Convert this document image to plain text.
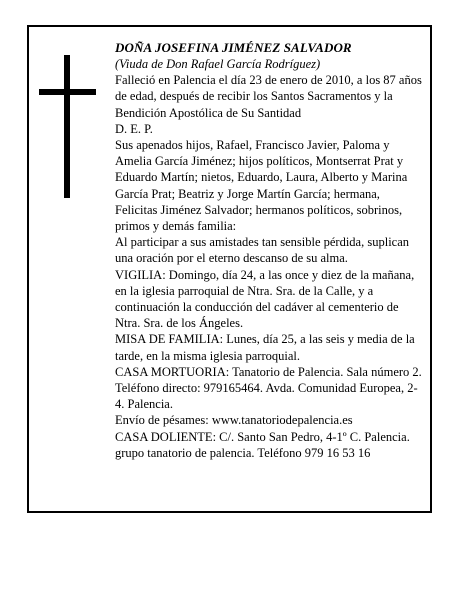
DOÑA JOSEFINA JIMÉNEZ SALVADOR

(Viuda de Don Rafael García Rodríguez)

Falleció en Palencia el día 23 de enero de 2010, a los 87 años de edad, después de recibir los Santos Sacramentos y la Bendición Apostólica de Su Santidad

D. E. P.

Sus apenados hijos, Rafael, Francisco Javier, Paloma y Amelia García Jiménez; hijos políticos, Montserrat Prat y Eduardo Martín; nietos, Eduardo, Laura, Alberto y Marina García Prat; Beatriz y Jorge Martín García; hermana, Felicitas Jiménez Salvador; hermanos políticos, sobrinos, primos y demás familia:

Al participar a sus amistades tan sensible pérdida, suplican una oración por el eterno descanso de su alma.

VIGILIA: Domingo, día 24, a las once y diez de la mañana, en la iglesia parroquial de Ntra. Sra. de la Calle, y a continuación la conducción del cadáver al cementerio de Ntra. Sra. de los Ángeles.

MISA DE FAMILIA: Lunes, día 25, a las seis y media de la tarde, en la misma iglesia parroquial.

CASA MORTUORIA: Tanatorio de Palencia. Sala número 2. Teléfono directo: 979165464. Avda. Comunidad Europea, 2-4. Palencia.

Envío de pésames: www.tanatoriodepalencia.es

CASA DOLIENTE: C/. Santo San Pedro, 4-1º C. Palencia.

grupo tanatorio de palencia. Teléfono 979 16 53 16
